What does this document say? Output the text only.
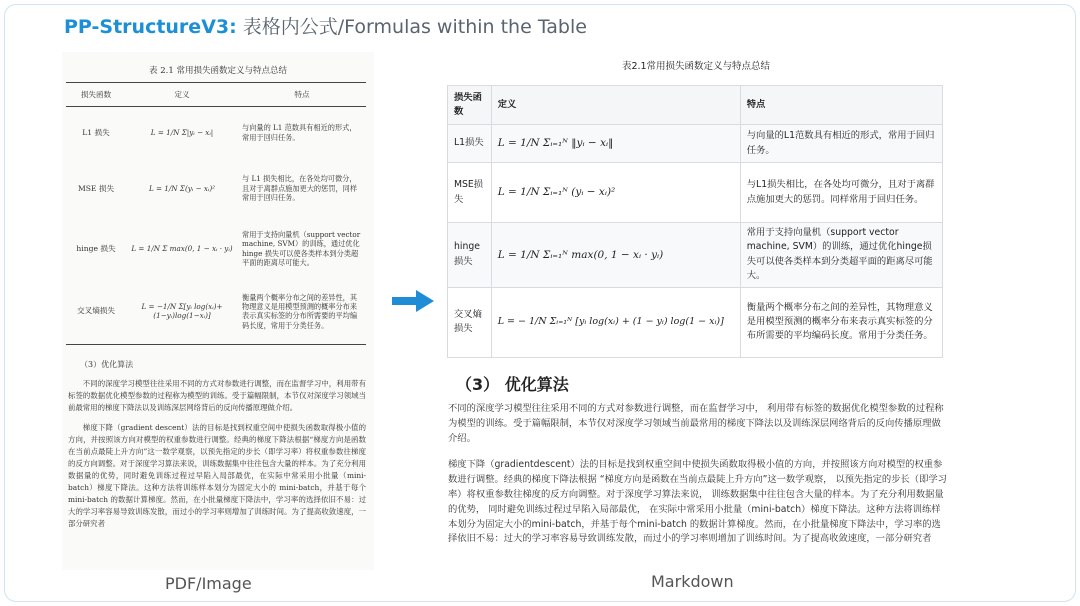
PP-StructureV3: 表格内公式/Formulas within the Table
表 2.1 常用损失函数定义与特点总结
损失函数	定义	特点
L1 损失	L = 1/N Σ|yᵢ − xᵢ|	与向量的 L1 范数具有相近的形式，常用于回归任务。
MSE 损失	L = 1/N Σ(yᵢ − xᵢ)²	与 L1 损失相比，在各处均可微分，且对于离群点施加更大的惩罚，同样常用于回归任务。
hinge 损失	L = 1/N Σ max(0, 1 − xᵢ · yᵢ)	常用于支持向量机（support vector machine, SVM）的训练，通过优化 hinge 损失可以使各类样本到分类超平面的距离尽可能大。
交叉熵损失	L = −1/N Σ[yᵢ log(xᵢ)+(1−yᵢ)log(1−xᵢ)]	衡量两个概率分布之间的差异性，其物理意义是用模型预测的概率分布来表示真实标签的分布所需要的平均编码长度，常用于分类任务。
（3）优化算法
不同的深度学习模型往往采用不同的方式对参数进行调整，而在监督学习中，利用带有标签的数据优化模型参数的过程称为模型的训练。受于篇幅限制，本节仅对深度学习领域当前最常用的梯度下降法以及训练深层网络背后的反向传播原理做介绍。
梯度下降（gradient descent）法的目标是找到权重空间中使损失函数取得极小值的方向，并按照该方向对模型的权重参数进行调整。经典的梯度下降法根据“梯度方向是函数在当前点最陡上升方向”这一数学观察，以预先指定的步长（即学习率）将权重参数往梯度的反方向调整。对于深度学习算法来说，训练数据集中往往包含大量的样本。为了充分利用数据量的优势，同时避免训练过程过早陷入局部最优，在实际中常采用小批量（mini-batch）梯度下降法。这种方法将训练样本划分为固定大小的 mini-batch，并基于每个 mini-batch 的数据计算梯度。然而，在小批量梯度下降法中，学习率的选择依旧不易：过大的学习率容易导致训练发散，而过小的学习率则增加了训练时间。为了提高收敛速度，一部分研究者
PDF/Image
表2.1常用损失函数定义与特点总结
损失函数	定义	特点
L1损失	L = 1/N Σᵢ₌₁ᴺ ‖yᵢ − xᵢ‖	与向量的L1范数具有相近的形式，常用于回归任务。
MSE损失	L = 1/N Σᵢ₌₁ᴺ (yᵢ − xᵢ)²	与L1损失相比，在各处均可微分，且对于离群点施加更大的惩罚。同样常用于回归任务。
hinge损失	L = 1/N Σᵢ₌₁ᴺ max(0, 1 − xᵢ · yᵢ)	常用于支持向量机（support vector machine, SVM）的训练，通过优化hinge损失可以使各类样本到分类超平面的距离尽可能大。
交叉熵损失	L = − 1/N Σᵢ₌₁ᴺ [yᵢ log(xᵢ) + (1 − yᵢ) log(1 − xᵢ)]	衡量两个概率分布之间的差异性，其物理意义是用模型预测的概率分布来表示真实标签的分布所需要的平均编码长度。常用于分类任务。
（3） 优化算法
不同的深度学习模型往往采用不同的方式对参数进行调整，而在监督学习中， 利用带有标签的数据优化模型参数的过程称为模型的训练。受于篇幅限制，本节仅对深度学习领域当前最常用的梯度下降法以及训练深层网络背后的反向传播原理做介绍。
梯度下降（gradientdescent）法的目标是找到权重空间中使损失函数取得极小值的方向，并按照该方向对模型的权重参数进行调整。经典的梯度下降法根据 “梯度方向是函数在当前点最陡上升方向”这一数学观察， 以预先指定的步长（即学习率）将权重参数往梯度的反方向调整。对于深度学习算法来说， 训练数据集中往往包含大量的样本。为了充分利用数据量的优势， 同时避免训练过程过早陷入局部最优， 在实际中常采用小批量（mini-batch）梯度下降法。这种方法将训练样本划分为固定大小的mini-batch，并基于每个mini-batch 的数据计算梯度。然而，在小批量梯度下降法中，学习率的选择依旧不易：过大的学习率容易导致训练发散，而过小的学习率则增加了训练时间。为了提高收敛速度，一部分研究者
Markdown
